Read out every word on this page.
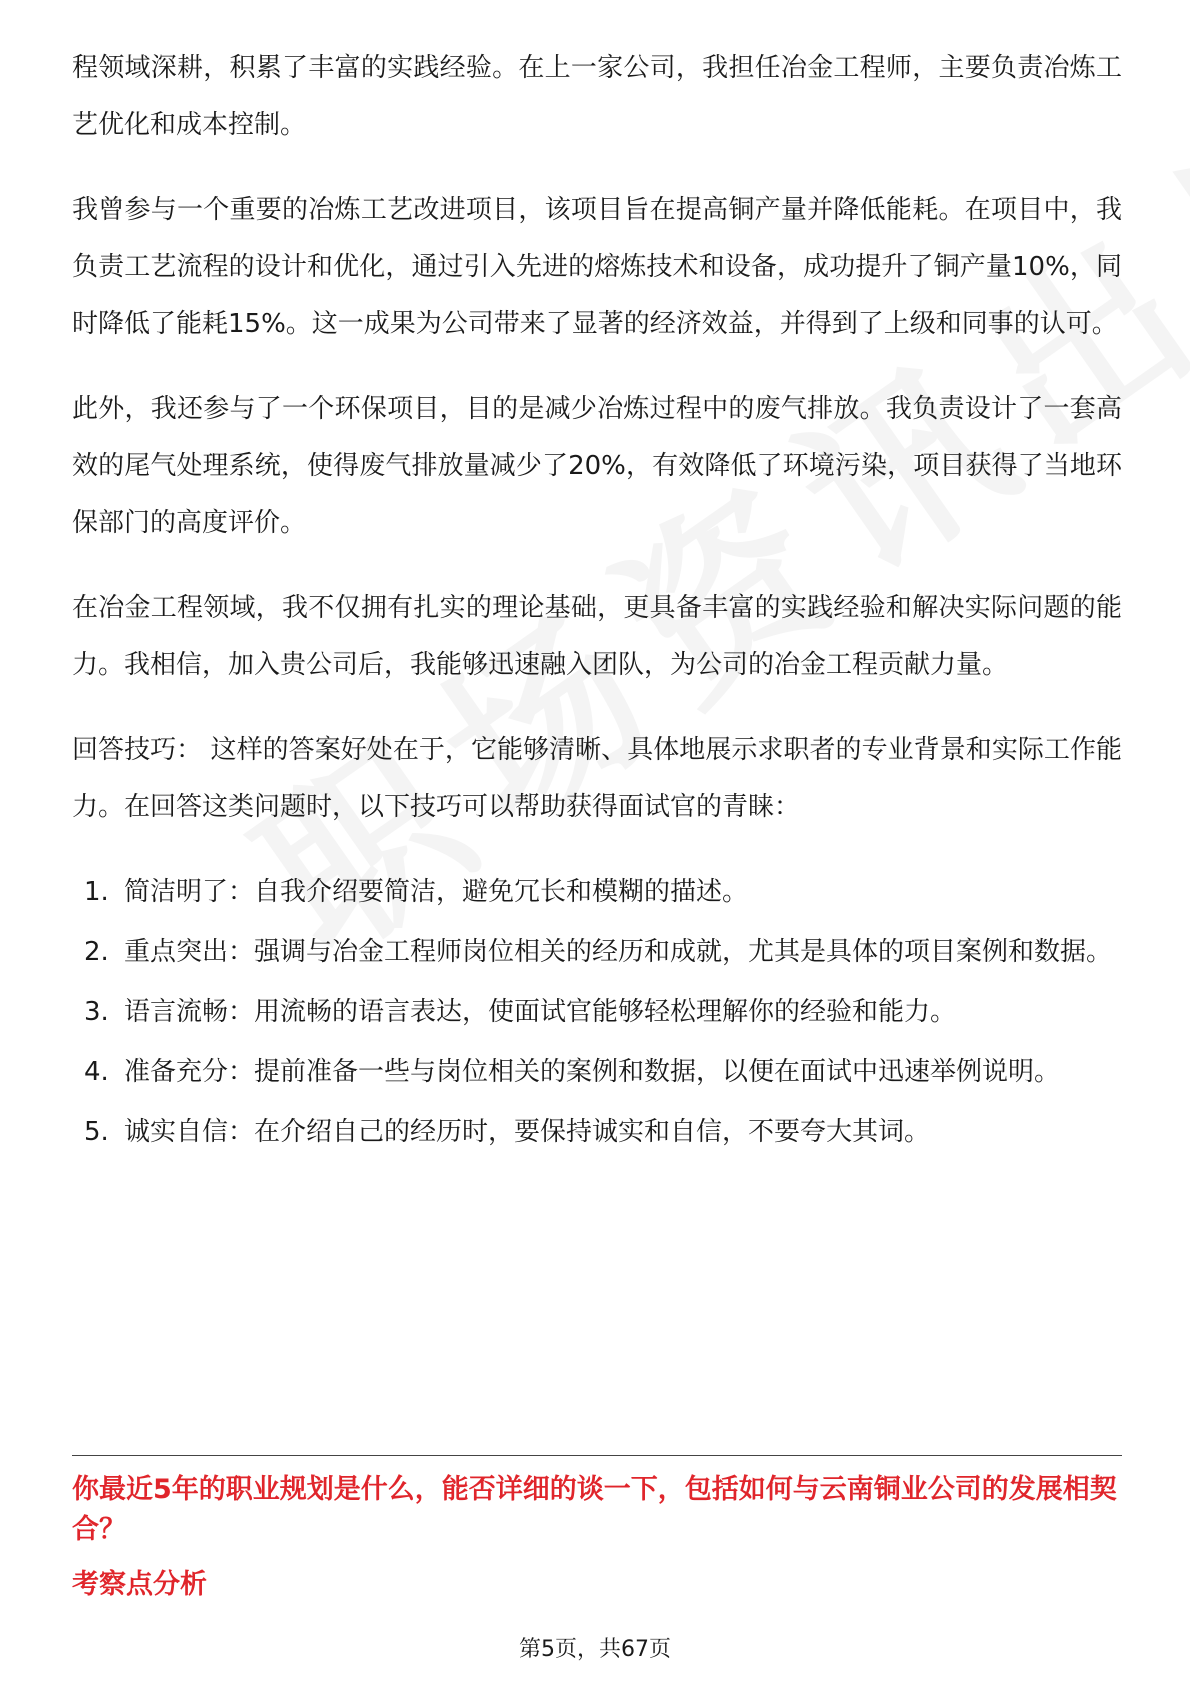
程领域深耕，积累了丰富的实践经验。在上一家公司，我担任冶金工程师，主要负责冶炼工艺优化和成本控制。

我曾参与一个重要的冶炼工艺改进项目，该项目旨在提高铜产量并降低能耗。在项目中，我负责工艺流程的设计和优化，通过引入先进的熔炼技术和设备，成功提升了铜产量10%，同时降低了能耗15%。这一成果为公司带来了显著的经济效益，并得到了上级和同事的认可。

此外，我还参与了一个环保项目，目的是减少冶炼过程中的废气排放。我负责设计了一套高效的尾气处理系统，使得废气排放量减少了20%，有效降低了环境污染，项目获得了当地环保部门的高度评价。

在冶金工程领域，我不仅拥有扎实的理论基础，更具备丰富的实践经验和解决实际问题的能力。我相信，加入贵公司后，我能够迅速融入团队，为公司的冶金工程贡献力量。

回答技巧： 这样的答案好处在于，它能够清晰、具体地展示求职者的专业背景和实际工作能力。在回答这类问题时，以下技巧可以帮助获得面试官的青睐：

1. 简洁明了：自我介绍要简洁，避免冗长和模糊的描述。
2. 重点突出：强调与冶金工程师岗位相关的经历和成就，尤其是具体的项目案例和数据。
3. 语言流畅：用流畅的语言表达，使面试官能够轻松理解你的经验和能力。
4. 准备充分：提前准备一些与岗位相关的案例和数据，以便在面试中迅速举例说明。
5. 诚实自信：在介绍自己的经历时，要保持诚实和自信，不要夸大其词。
你最近5年的职业规划是什么，能否详细的谈一下，包括如何与云南铜业公司的发展相契合？
考察点分析
第5页，共67页
